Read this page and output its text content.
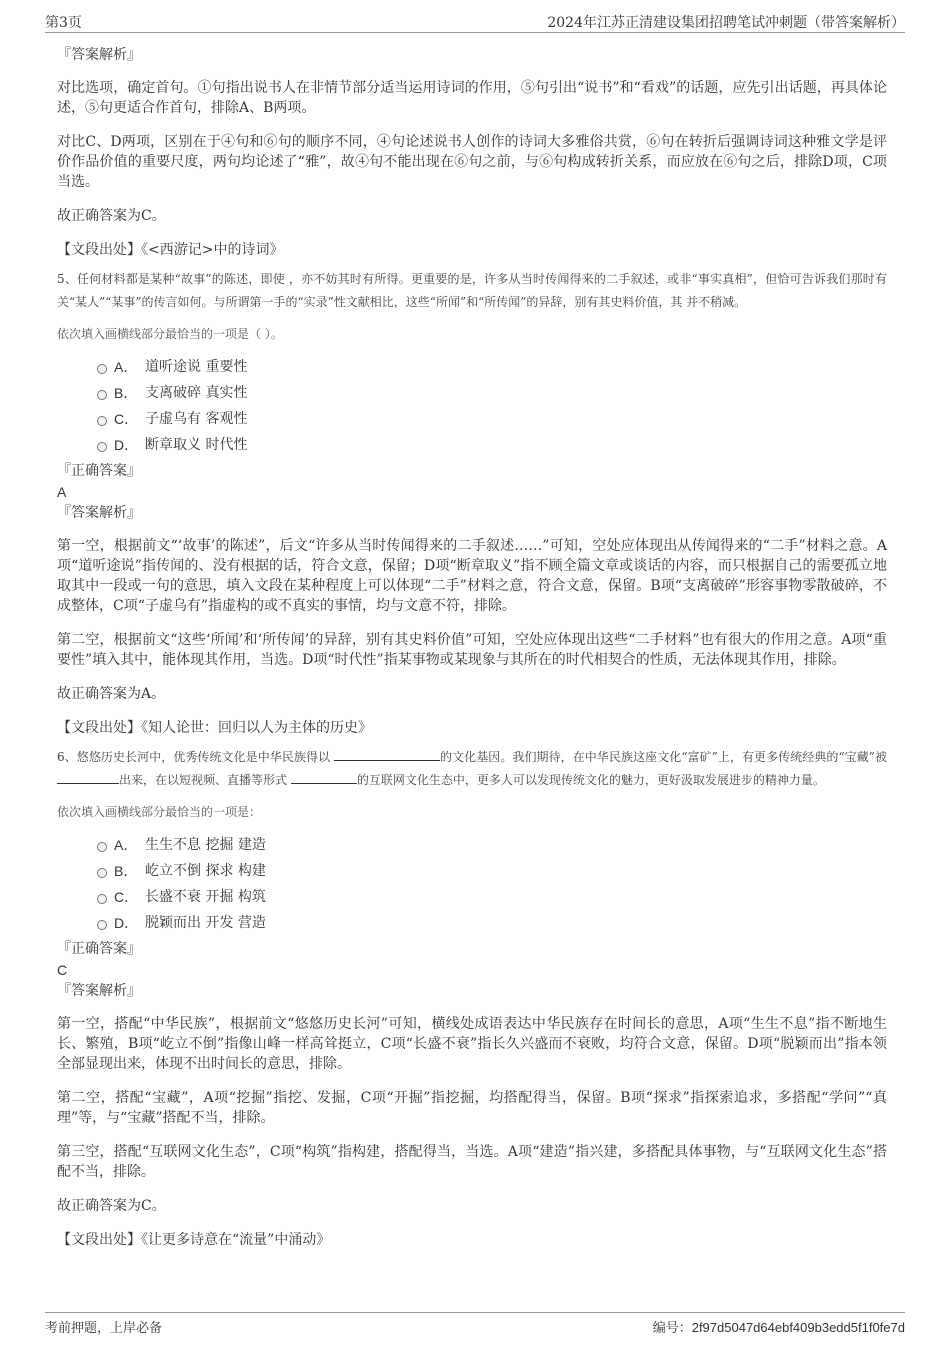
第3页	2024年江苏正清建设集团招聘笔试冲刺题（带答案解析）
『答案解析』

对比选项，确定首句。①句指出说书人在非情节部分适当运用诗词的作用，⑤句引出“说书”和“看戏”的话题，应先引出话题，再具体论述，⑤句更适合作首句，排除A、B两项。

对比C、D两项，区别在于④句和⑥句的顺序不同，④句论述说书人创作的诗词大多雅俗共赏，⑥句在转折后强调诗词这种雅文学是评价作品价值的重要尺度，两句均论述了“雅”，故④句不能出现在⑥句之前，与⑥句构成转折关系，而应放在⑥句之后，排除D项，C项当选。

故正确答案为C。

【文段出处】《<西游记>中的诗词》

5、任何材料都是某种“故事”的陈述，即使 ，亦不妨其时有所得。更重要的是，许多从当时传闻得来的二手叙述，或非“事实真相”，但恰可告诉我们那时有关“某人”“某事”的传言如何。与所谓第一手的“实录”性文献相比，这些“所闻”和“所传闻”的异辞，别有其史料价值，其 并不稍减。

依次填入画横线部分最恰当的一项是（ ）。

A． 道听途说 重要性
B． 支离破碎 真实性
C． 子虚乌有 客观性
D． 断章取义 时代性
『正确答案』
A
『答案解析』

第一空，根据前文“‘故事’的陈述”，后文“许多从当时传闻得来的二手叙述……”可知，空处应体现出从传闻得来的“二手”材料之意。A项“道听途说”指传闻的、没有根据的话，符合文意，保留；D项“断章取义”指不顾全篇文章或谈话的内容，而只根据自己的需要孤立地取其中一段或一句的意思，填入文段在某种程度上可以体现“二手”材料之意，符合文意，保留。B项“支离破碎”形容事物零散破碎，不成整体，C项“子虚乌有”指虚构的或不真实的事情，均与文意不符，排除。

第二空，根据前文“这些‘所闻’和‘所传闻’的异辞，别有其史料价值”可知，空处应体现出这些“二手材料”也有很大的作用之意。A项“重要性”填入其中，能体现其作用，当选。D项“时代性”指某事物或某现象与其所在的时代相契合的性质，无法体现其作用，排除。

故正确答案为A。

【文段出处】《知人论世：回归以人为主体的历史》

6、悠悠历史长河中，优秀传统文化是中华民族得以	的文化基因。我们期待，在中华民族这座文化“富矿”上，有更多传统经典的“宝藏”被 出来，在以短视频、直播等形式	的互联网文化生态中，更多人可以发现传统文化的魅力，更好汲取发展进步的精神力量。

依次填入画横线部分最恰当的一项是：

A． 生生不息 挖掘 建造
B． 屹立不倒 探求 构建
C． 长盛不衰 开掘 构筑
D． 脱颖而出 开发 营造
『正确答案』
C
『答案解析』

第一空，搭配“中华民族”，根据前文“悠悠历史长河”可知，横线处成语表达中华民族存在时间长的意思，A项“生生不息”指不断地生长、繁殖，B项“屹立不倒”指像山峰一样高耸挺立，C项“长盛不衰”指长久兴盛而不衰败，均符合文意，保留。D项“脱颖而出”指本领全部显现出来，体现不出时间长的意思，排除。

第二空，搭配“宝藏”，A项“挖掘”指挖、发掘，C项“开掘”指挖掘，均搭配得当，保留。B项“探求”指探索追求，多搭配“学问”“真理”等，与“宝藏”搭配不当，排除。

第三空，搭配“互联网文化生态”，C项“构筑”指构建，搭配得当，当选。A项“建造”指兴建，多搭配具体事物，与“互联网文化生态”搭配不当，排除。

故正确答案为C。

【文段出处】《让更多诗意在“流量”中涌动》

考前押题，上岸必备	编号：2f97d5047d64ebf409b3edd5f1f0fe7d
